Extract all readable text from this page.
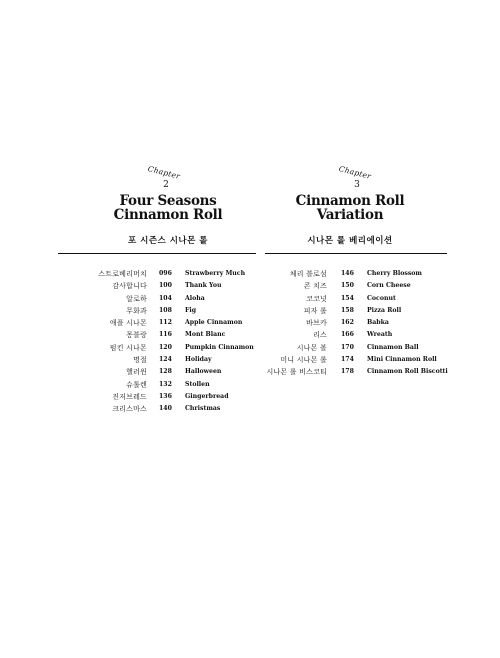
Chapter
2
Four Seasons
Cinnamon Roll
포 시즌스 시나몬 롤
스트로베리머치 096 Strawberry Much
감사합니다 100 Thank You
알로하 104 Aloha
무화과 108 Fig
애플 시나몬 112 Apple Cinnamon
몽블랑 116 Mont Blanc
펌킨 시나몬 120 Pumpkin Cinnamon
명절 124 Holiday
핼러윈 128 Halloween
슈톨렌 132 Stollen
진저브레드 136 Gingerbread
크리스마스 140 Christmas
Chapter
3
Cinnamon Roll
Variation
시나몬 롤 베리에이션
체리 블로섬 146 Cherry Blossom
콘 치즈 150 Corn Cheese
코코넛 154 Coconut
피자 롤 158 Pizza Roll
바브카 162 Babka
리스 166 Wreath
시나몬 볼 170 Cinnamon Ball
미니 시나몬 롤 174 Mini Cinnamon Roll
시나몬 롤 비스코티 178 Cinnamon Roll Biscotti
